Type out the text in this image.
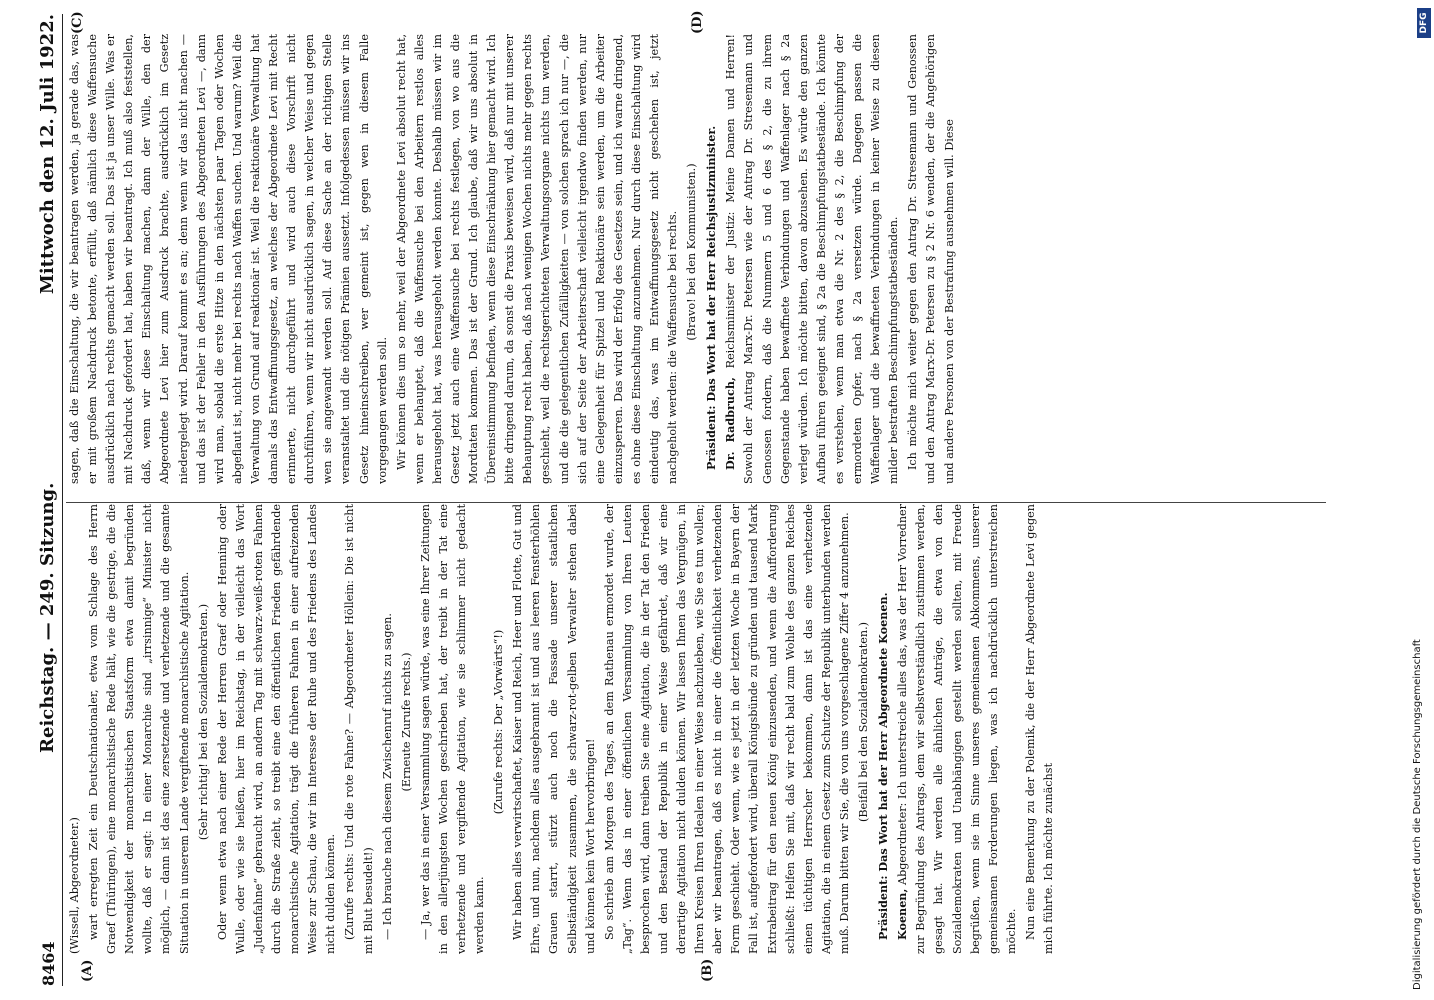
8464
Reichstag. — 249. Sitzung.
Mittwoch den 12. Juli 1922.
(A)	(B)
(C)	(D)

(Wissell, Abgeordneter.) wart erregten Zeit ein Deutschnationaler, etwa vom Schlage des Herrn Graef (Thüringen), eine monarchistische Rede hält, wie die gestrige, die die Notwendigkeit der monarchistischen Staatsform etwa damit begründen wollte, daß er sagt: In einer Monarchie sind „irrsinnige“ Minister nicht möglich, — dann ist das eine zersetzende und verhetzende und die gesamte Situation in unserem Lande vergiftende monarchistische Agitation. (Sehr richtig! bei den Sozialdemokraten.) Oder wenn etwa nach einer Rede der Herren Graef oder Henning oder Wulle, oder wie sie heißen, hier im Reichstag, in der vielleicht das Wort „Judenfahne“ gebraucht wird, an andern Tag mit schwarz-weiß-roten Fahnen durch die Straße zieht, so treibt eine den öffentlichen Frieden gefährdende monarchistische Agitation, trägt die früheren Fahnen in einer aufreizenden Weise zur Schau, die wir im Interesse der Ruhe und des Friedens des Landes nicht dulden können. (Zurufe rechts: Und die rote Fahne? — Abgeordneter Höllein: Die ist nicht mit Blut besudelt!) — Ich brauche nach diesem Zwischenruf nichts zu sagen. (Erneute Zurufe rechts.) — Ja, wer das in einer Versammlung sagen würde, was eine Ihrer Zeitungen in den allerjüngsten Wochen geschrieben hat, der treibt in der Tat eine verhetzende und vergiftende Agitation, wie sie schlimmer nicht gedacht werden kann.

(Zurufe rechts: Der „Vorwärts“!) Wir haben alles verwirtschaftet, Kaiser und Reich, Heer und Flotte, Gut und Ehre, und nun, nachdem alles ausgebrannt ist und aus leeren Fensterhöhlen Grauen starrt, stürzt auch noch die Fassade unserer staatlichen Selbständigkeit zusammen, die schwarz-rot-gelben Verwalter stehen dabei und können kein Wort hervorbringen! So schrieb am Morgen des Tages, an dem Rathenau ermordet wurde, der „Tag“. Wenn das in einer öffentlichen Versammlung von Ihren Leuten besprochen wird, dann treiben Sie eine Agitation, die in der Tat den Frieden und den Bestand der Republik in einer Weise gefährdet, daß wir eine derartige Agitation nicht dulden können. Wir lassen Ihnen das Vergnügen, in Ihren Kreisen Ihren Idealen in einer Weise nachzuleben, wie Sie es tun wollen; aber wir beantragen, daß es nicht in einer die Öffentlichkeit verhetzenden Form geschieht. Oder wenn, wie es jetzt in der letzten Woche in Bayern der Fall ist, aufgefordert wird, überall Königsbünde zu gründen und tausend Mark Extrabeitrag für den neuen König einzusenden, und wenn die Aufforderung schließt: Helfen Sie mit, daß wir recht bald zum Wohle des ganzen Reiches einen tüchtigen Herrscher bekommen, dann ist das eine verhetzende Agitation, die in einem Gesetz zum Schutze der Republik unterbunden werden muß. Darum bitten wir Sie, die von uns vorgeschlagene Ziffer 4 anzunehmen. (Beifall bei den Sozialdemokraten.) Präsident: Das Wort hat der Herr Abgeordnete Koenen. Koenen, Abgeordneter: Ich unterstreiche alles das, was der Herr Vorredner zur Begründung des Antrags, dem wir selbstverständlich zustimmen werden, gesagt hat. Wir werden alle ähnlichen Anträge, die etwa von den Sozialdemokraten und Unabhängigen gestellt werden sollten, mit Freude begrüßen, wenn sie im Sinne unseres gemeinsamen Abkommens, unserer gemeinsamen Forderungen liegen, was ich nachdrücklich unterstreichen möchte. Nun eine Bemerkung zu der Polemik, die der Herr Abgeordnete Levi gegen mich führte. Ich möchte zunächst

sagen, daß die Einschaltung, die wir beantragen werden, ja gerade das, was er mit großem Nachdruck betonte, erfüllt, daß nämlich diese Waffensuche ausdrücklich nach rechts gemacht werden soll. Das ist ja unser Wille. Was er mit Nachdruck gefordert hat, haben wir beantragt. Ich muß also feststellen, daß, wenn wir diese Einschaltung machen, dann der Wille, den der Abgeordnete Levi hier zum Ausdruck brachte, ausdrücklich im Gesetz niedergelegt wird. Darauf kommt es an; denn wenn wir das nicht machen — und das ist der Fehler in den Ausführungen des Abgeordneten Levi —, dann wird man, sobald die erste Hitze in den nächsten paar Tagen oder Wochen abgeflaut ist, nicht mehr bei rechts nach Waffen suchen. Und warum? Weil die Verwaltung von Grund auf reaktionär ist. Weil die reaktionäre Verwaltung hat damals das Entwaffnungsgesetz, an welches der Abgeordnete Levi mit Recht erinnerte, nicht durchgeführt und wird auch diese Vorschrift nicht durchführen, wenn wir nicht ausdrücklich sagen, in welcher Weise und gegen wen sie angewandt werden soll. Auf diese Sache an der richtigen Stelle veranstaltet und die nötigen Prämien aussetzt. Infolgedessen müssen wir ins Gesetz hineinschreiben, wer gemeint ist, gegen wen in diesem Falle vorgegangen werden soll. Wir können dies um so mehr, weil der Abgeordnete Levi absolut recht hat, wenn er behauptet, daß die Waffensuche bei den Arbeitern restlos alles herausgeholt hat, was herausgeholt werden konnte. Deshalb müssen wir im Gesetz jetzt auch eine Waffensuche bei rechts festlegen, von wo aus die Mordtaten kommen. Das ist der Grund. Ich glaube, daß wir uns absolut in Übereinstimmung befinden, wenn diese Einschränkung hier gemacht wird. Ich bitte dringend darum, da sonst die Praxis beweisen wird, daß nur mit unserer Behauptung recht haben, daß nach wenigen Wochen nichts mehr gegen rechts geschieht, weil die rechtsgerichteten Verwaltungsorgane nichts tun werden, und die die gelegentlichen Zufälligkeiten — von solchen sprach ich nur —, die sich auf der Seite der Arbeiterschaft vielleicht irgendwo finden werden, nur eine Gelegenheit für Spitzel und Reaktionäre sein werden, um die Arbeiter einzusperren. Das wird der Erfolg des Gesetzes sein, und ich warne dringend, es ohne diese Einschaltung anzunehmen. Nur durch diese Einschaltung wird eindeutig das, was im Entwaffnungsgesetz nicht geschehen ist, jetzt nachgeholt werden: die Waffensuche bei rechts. (Bravo! bei den Kommunisten.) Präsident: Das Wort hat der Herr Reichsjustizminister. Dr. Radbruch, Reichsminister der Justiz: Meine Damen und Herren! Sowohl der Antrag Marx-Dr. Petersen wie der Antrag Dr. Stresemann und Genossen fordern, daß die Nummern 5 und 6 des § 2, die zu ihrem Gegenstande haben bewaffnete Verbindungen und Waffenlager nach § 2a verlegt würden. Ich möchte bitten, davon abzusehen. Es würde den ganzen Aufbau führen geeignet sind, § 2a die Beschimpfungstatbestände. Ich könnte es verstehen, wenn man etwa die Nr. 2 des § 2, die Beschimpfung der ermordeten Opfer, nach § 2a versetzen würde. Dagegen passen die Waffenlager und die bewaffneten Verbindungen in keiner Weise zu diesen milder bestraften Beschimpfungstatbeständen. Ich möchte mich weiter gegen den Antrag Dr. Stresemann und Genossen und den Antrag Marx-Dr. Petersen zu § 2 Nr. 6 wenden, der die Angehörigen und andere Personen von der Bestrafung ausnehmen will. Diese

Digitalisierung gefördert durch die Deutsche Forschungsgemeinschaft
DFG
